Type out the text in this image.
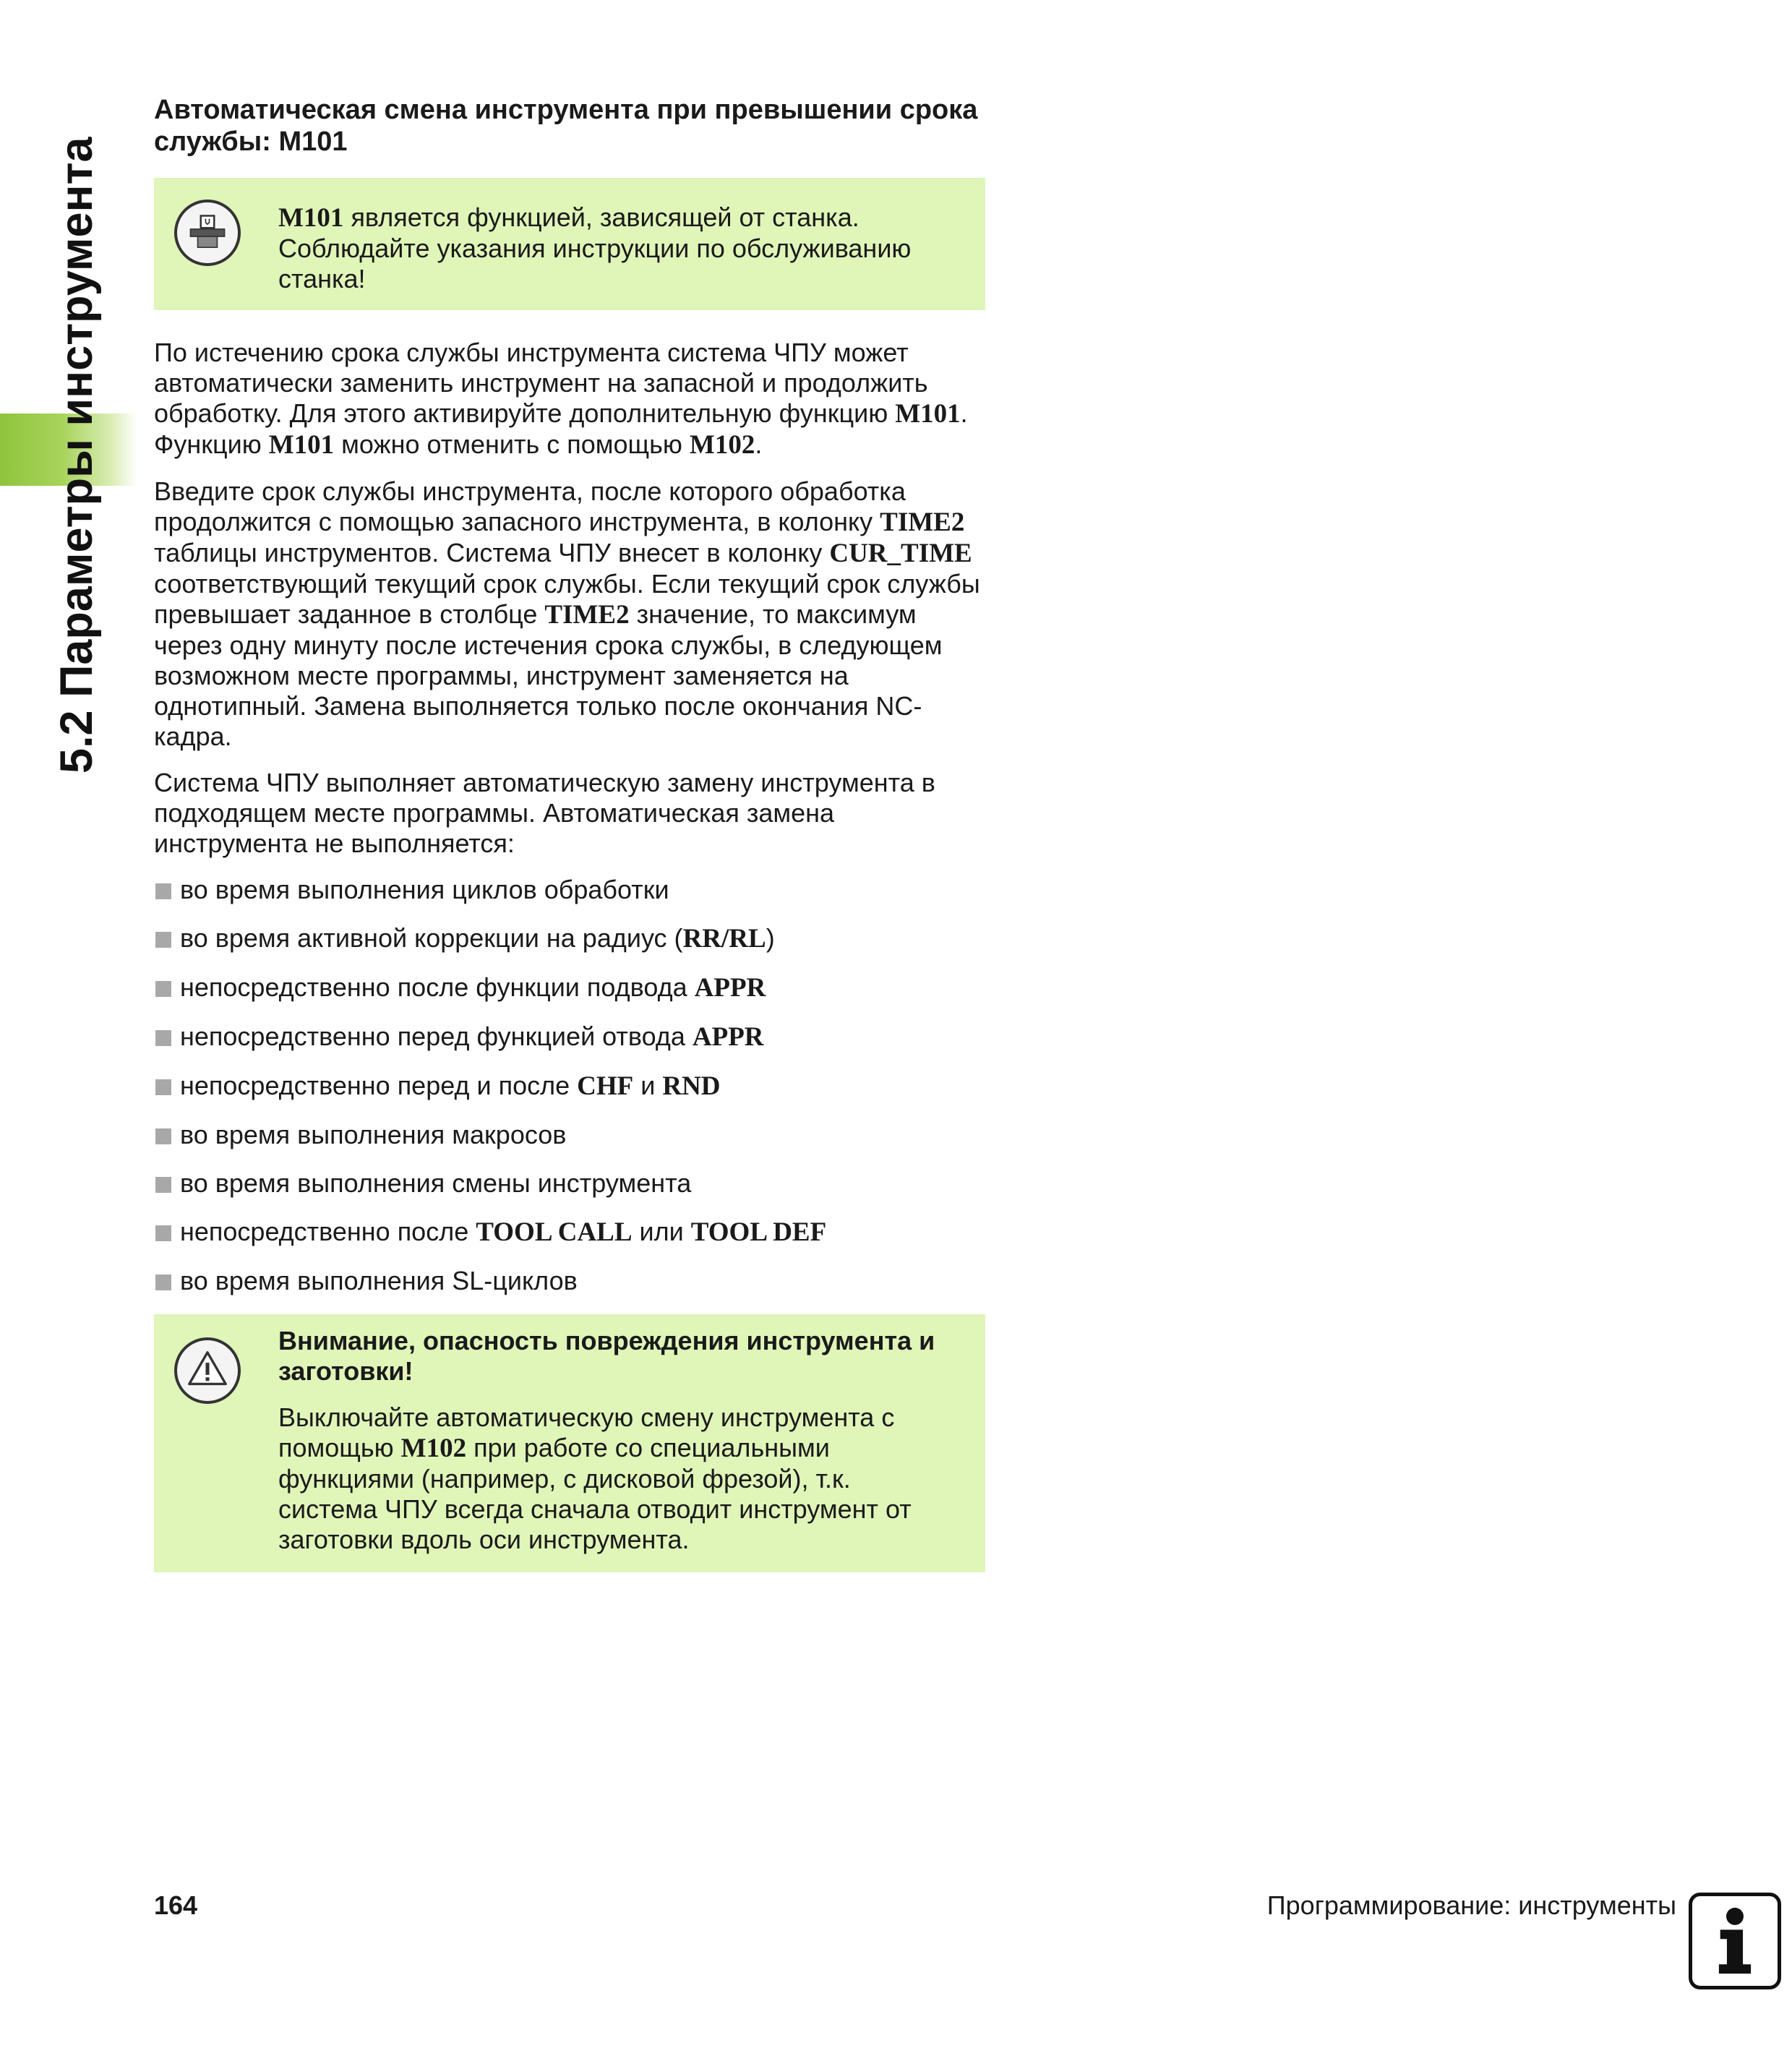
5.2 Параметры инструмента
Автоматическая смена инструмента при превышении срока службы: M101

M101 является функцией, зависящей от станка. Соблюдайте указания инструкции по обслуживанию станка!

По истечению срока службы инструмента система ЧПУ может автоматически заменить инструмент на запасной и продолжить обработку. Для этого активируйте дополнительную функцию M101. Функцию M101 можно отменить с помощью M102.

Введите срок службы инструмента, после которого обработка продолжится с помощью запасного инструмента, в колонку TIME2 таблицы инструментов. Система ЧПУ внесет в колонку CUR_TIME соответствующий текущий срок службы. Если текущий срок службы превышает заданное в столбце TIME2 значение, то максимум через одну минуту после истечения срока службы, в следующем возможном месте программы, инструмент заменяется на однотипный. Замена выполняется только после окончания NC-кадра.

Система ЧПУ выполняет автоматическую замену инструмента в подходящем месте программы. Автоматическая замена инструмента не выполняется:

во время выполнения циклов обработки
во время активной коррекции на радиус (RR/RL)
непосредственно после функции подвода APPR
непосредственно перед функцией отвода APPR
непосредственно перед и после CHF и RND
во время выполнения макросов
во время выполнения смены инструмента
непосредственно после TOOL CALL или TOOL DEF
во время выполнения SL-циклов

Внимание, опасность повреждения инструмента и заготовки!

Выключайте автоматическую смену инструмента с помощью M102 при работе со специальными функциями (например, с дисковой фрезой), т.к. система ЧПУ всегда сначала отводит инструмент от заготовки вдоль оси инструмента.

164	Программирование: инструменты
